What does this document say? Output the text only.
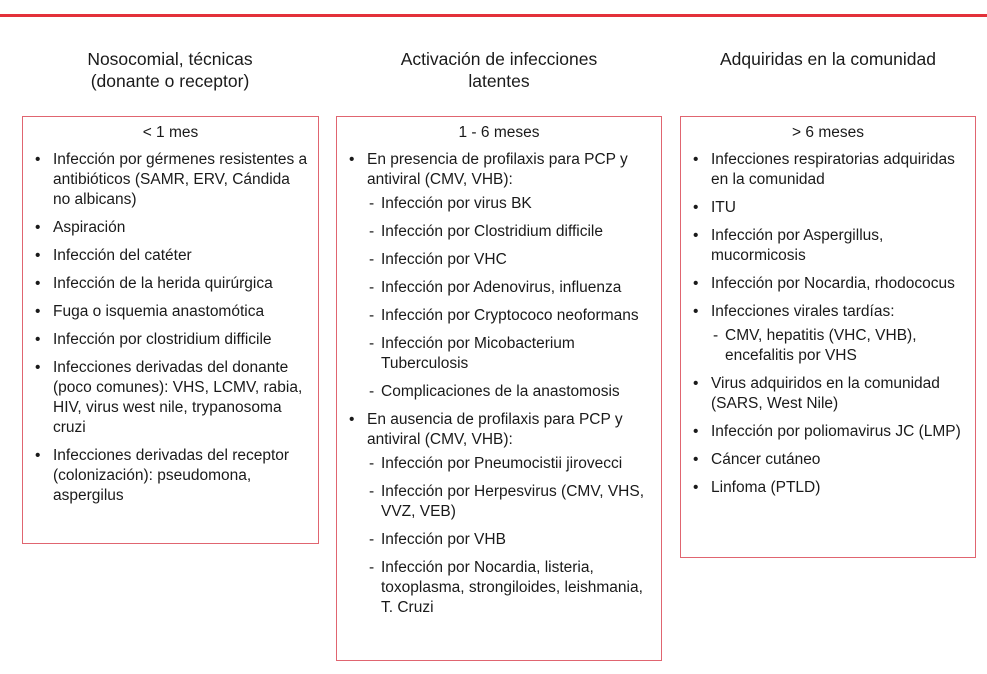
Nosocomial, técnicas
(donante o receptor)
< 1 mes
• Infección por gérmenes resistentes a antibióticos (SAMR, ERV, Cándida no albicans)
• Aspiración
• Infección del catéter
• Infección de la herida quirúrgica
• Fuga o isquemia anastomótica
• Infección por clostridium difficile
• Infecciones derivadas del donante (poco comunes): VHS, LCMV, rabia, HIV, virus west nile, trypanosoma cruzi
• Infecciones derivadas del receptor (colonización): pseudomona, aspergilus
Activación de infecciones
latentes
1 - 6 meses
• En presencia de profilaxis para PCP y antiviral (CMV, VHB):
- Infección por virus BK
- Infección por Clostridium difficile
- Infección por VHC
- Infección por Adenovirus, influenza
- Infección por Cryptococo neoformans
- Infección por Micobacterium Tuberculosis
- Complicaciones de la anastomosis
• En ausencia de profilaxis para PCP y antiviral (CMV, VHB):
- Infección por Pneumocistii jirovecci
- Infección por Herpesvirus (CMV, VHS, VVZ, VEB)
- Infección por VHB
- Infección por Nocardia, listeria, toxoplasma, strongiloides, leishmania, T. Cruzi
Adquiridas en la comunidad
> 6 meses
• Infecciones respiratorias adquiridas en la comunidad
• ITU
• Infección por Aspergillus, mucormicosis
• Infección por Nocardia, rhodococus
• Infecciones virales tardías:
- CMV, hepatitis (VHC, VHB), encefalitis por VHS
• Virus adquiridos en la comunidad (SARS, West Nile)
• Infección por poliomavirus JC (LMP)
• Cáncer cutáneo
• Linfoma (PTLD)
